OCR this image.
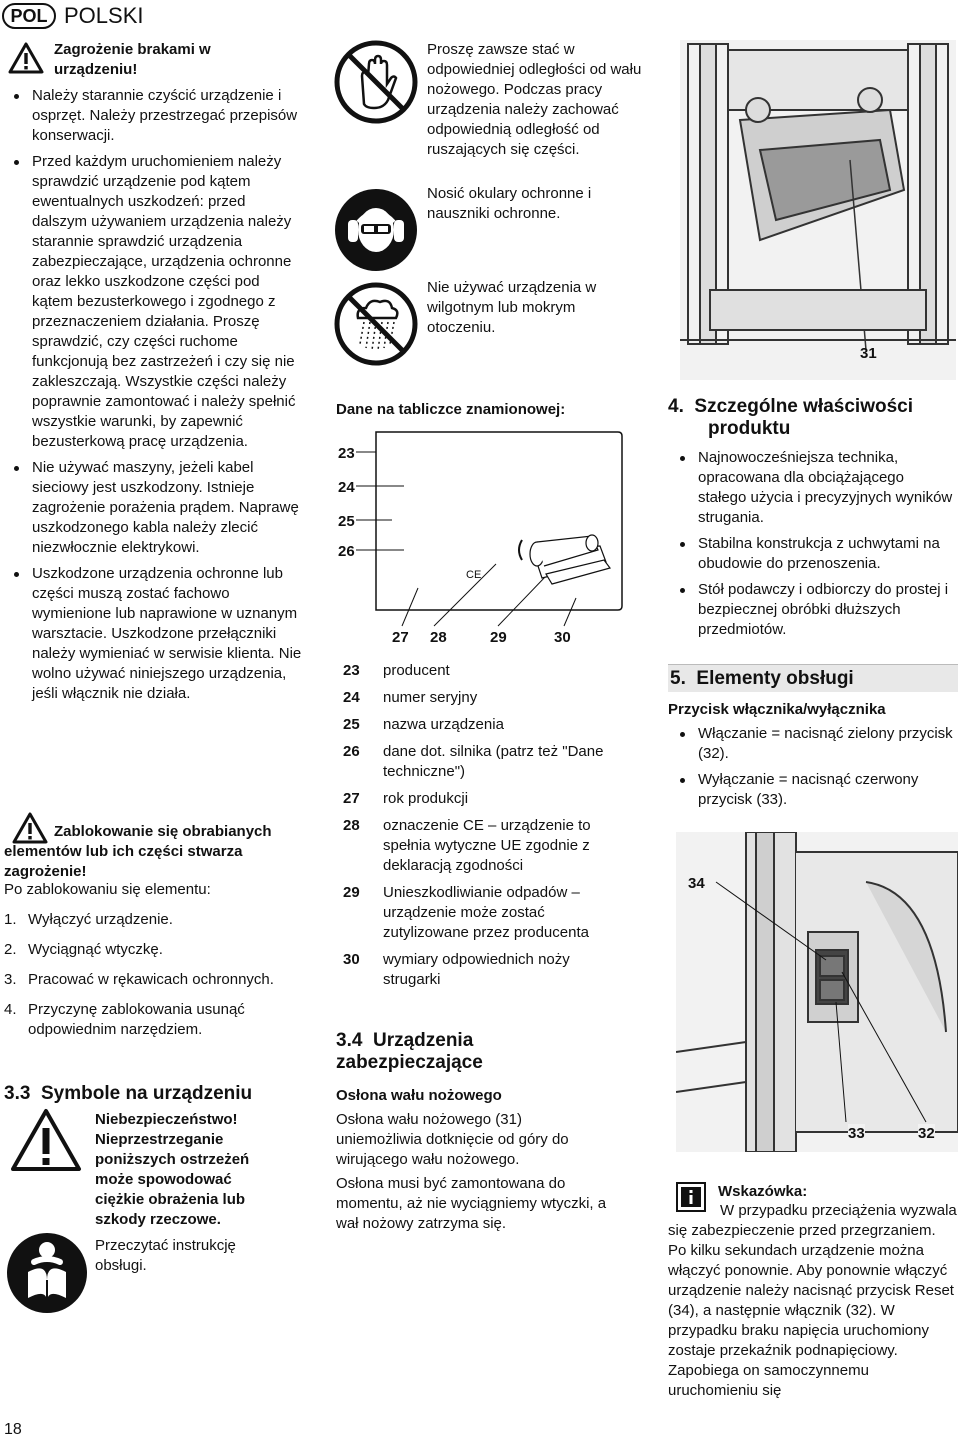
POL POLSKI
Zagrożenie brakami w urządzeniu!
Należy starannie czyścić urządzenie i osprzęt. Należy przestrzegać przepisów konserwacji.
Przed każdym uruchomieniem należy sprawdzić urządzenie pod kątem ewentualnych uszkodzeń: przed dalszym używaniem urządzenia należy starannie sprawdzić urządzenia zabezpieczające, urządzenia ochronne oraz lekko uszkodzone części pod kątem bezusterkowego i zgodnego z przeznaczeniem działania. Proszę sprawdzić, czy części ruchome funkcjonują bez zastrzeżeń i czy się nie zakleszczają. Wszystkie części należy poprawnie zamontować i należy spełnić wszystkie warunki, by zapewnić bezusterkową pracę urządzenia.
Nie używać maszyny, jeżeli kabel sieciowy jest uszkodzony. Istnieje zagrożenie porażenia prądem. Naprawę uszkodzonego kabla należy zlecić niezwłocznie elektrykowi.
Uszkodzone urządzenia ochronne lub części muszą zostać fachowo wymienione lub naprawione w uznanym warsztacie. Uszkodzone przełączniki należy wymieniać w serwisie klienta. Nie wolno używać niniejszego urządzenia, jeśli włącznik nie działa.
Zablokowanie się obrabianych elementów lub ich części stwarza zagrożenie!
Po zablokowaniu się elementu:
1. Wyłączyć urządzenie.
2. Wyciągnąć wtyczkę.
3. Pracować w rękawicach ochronnych.
4. Przyczynę zablokowania usunąć odpowiednim narzędziem.
3.3  Symbole na urządzeniu
Niebezpieczeństwo! Nieprzestrzeganie poniższych ostrzeżeń może spowodować ciężkie obrażenia lub szkody rzeczowe.
Przeczytać instrukcję obsługi.
18
Proszę zawsze stać w odpowiedniej odległości od wału nożowego. Podczas pracy urządzenia należy zachować odpowiednią odległość od ruszających się części.
Nosić okulary ochronne i nauszniki ochronne.
Nie używać urządzenia w wilgotnym lub mokrym otoczeniu.
Dane na tabliczce znamionowej:
CE
23
24
25
26
27 28	29	30
23 producent
24 numer seryjny
25 nazwa urządzenia
26 dane dot. silnika (patrz też "Dane techniczne")
27 rok produkcji
28 oznaczenie CE – urządzenie to spełnia wytyczne UE zgodnie z deklaracją zgodności
29 Unieszkodliwianie odpadów – urządzenie może zostać zutylizowane przez producenta
30 wymiary odpowiednich noży strugarki
3.4  Urządzenia zabezpieczające
Osłona wału nożowego
Osłona wału nożowego (31) uniemożliwia dotknięcie od góry do wirującego wału nożowego.
Osłona musi być zamontowana do momentu, aż nie wyciągniemy wtyczki, a wał nożowy zatrzyma się.
31
4.  Szczególne właściwości produktu
Najnowocześniejsza technika, opracowana dla obciążającego stałego użycia i precyzyjnych wyników strugania.
Stabilna konstrukcja z uchwytami na obudowie do przenoszenia.
Stół podawczy i odbiorczy do prostej i bezpiecznej obróbki dłuższych przedmiotów.
5.  Elementy obsługi
Przycisk włącznika/wyłącznika
Włączanie = nacisnąć zielony przycisk (32).
Wyłączanie = nacisnąć czerwony przycisk (33).
34
33	32
Wskazówka:
W przypadku przeciążenia wyzwala się zabezpieczenie przed przegrzaniem. Po kilku sekundach urządzenie można włączyć ponownie. Aby ponownie włączyć urządzenie należy nacisnąć przycisk Reset (34), a następnie włącznik (32). W przypadku braku napięcia uruchomiony zostaje przekaźnik podnapięciowy. Zapobiega on samoczynnemu uruchomieniu się
